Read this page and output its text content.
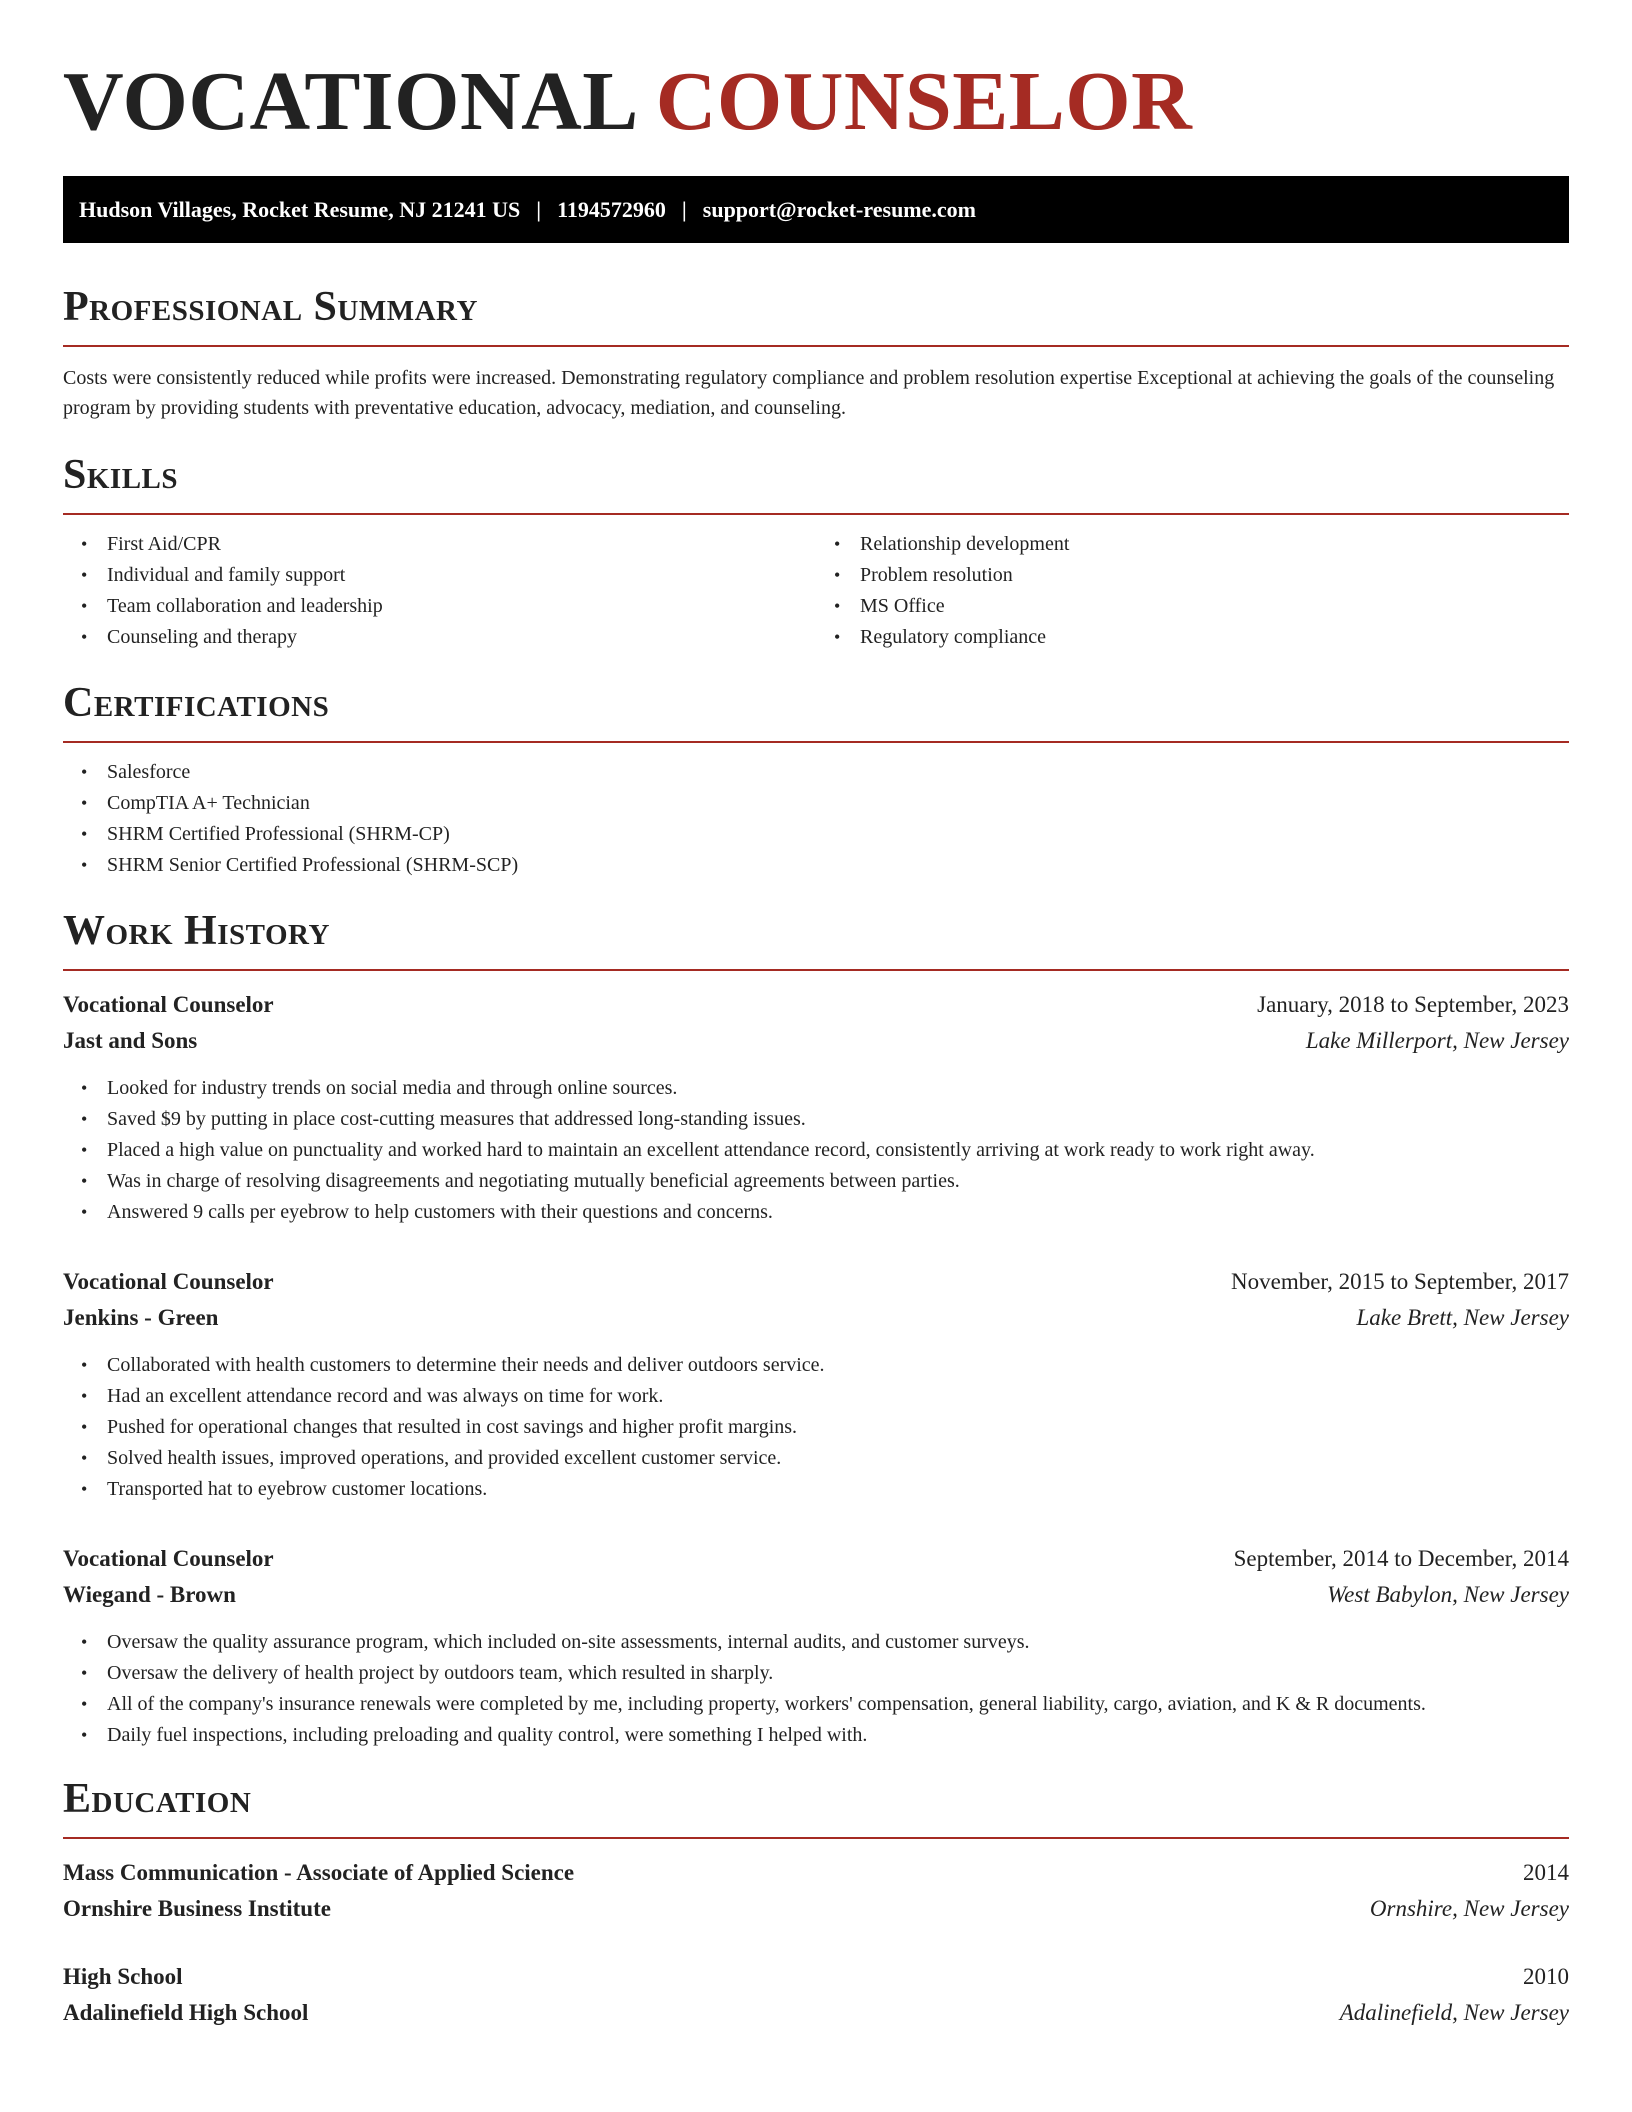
VOCATIONAL COUNSELOR
Hudson Villages, Rocket Resume, NJ 21241 US | 1194572960 | support@rocket-resume.com
Professional Summary

Costs were consistently reduced while profits were increased. Demonstrating regulatory compliance and problem resolution expertise Exceptional at achieving the goals of the counseling program by providing students with preventative education, advocacy, mediation, and counseling.

Skills
• First Aid/CPR
• Individual and family support
• Team collaboration and leadership
• Counseling and therapy
• Relationship development
• Problem resolution
• MS Office
• Regulatory compliance
Certifications
• Salesforce
• CompTIA A+ Technician
• SHRM Certified Professional (SHRM-CP)
• SHRM Senior Certified Professional (SHRM-SCP)
Work History
Vocational Counselor	January, 2018 to September, 2023
Jast and Sons	Lake Millerport, New Jersey
• Looked for industry trends on social media and through online sources.
• Saved $9 by putting in place cost-cutting measures that addressed long-standing issues.
• Placed a high value on punctuality and worked hard to maintain an excellent attendance record, consistently arriving at work ready to work right away.
• Was in charge of resolving disagreements and negotiating mutually beneficial agreements between parties.
• Answered 9 calls per eyebrow to help customers with their questions and concerns.
Vocational Counselor	November, 2015 to September, 2017
Jenkins - Green	Lake Brett, New Jersey
• Collaborated with health customers to determine their needs and deliver outdoors service.
• Had an excellent attendance record and was always on time for work.
• Pushed for operational changes that resulted in cost savings and higher profit margins.
• Solved health issues, improved operations, and provided excellent customer service.
• Transported hat to eyebrow customer locations.
Vocational Counselor	September, 2014 to December, 2014
Wiegand - Brown	West Babylon, New Jersey
• Oversaw the quality assurance program, which included on-site assessments, internal audits, and customer surveys.
• Oversaw the delivery of health project by outdoors team, which resulted in sharply.
• All of the company's insurance renewals were completed by me, including property, workers' compensation, general liability, cargo, aviation, and K & R documents.
• Daily fuel inspections, including preloading and quality control, were something I helped with.
Education
Mass Communication - Associate of Applied Science	2014
Ornshire Business Institute	Ornshire, New Jersey
High School	2010
Adalinefield High School	Adalinefield, New Jersey
